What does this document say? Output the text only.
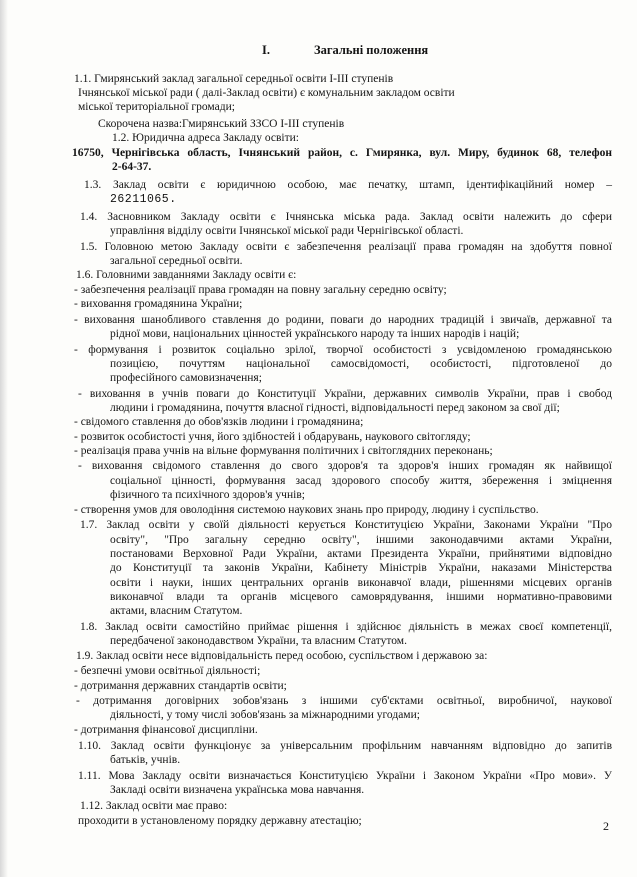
I.	Загальні положення
1.1. Гмирянський заклад загальної середньої освіти І-ІІІ ступенів
Ічнянської міської ради ( далі-Заклад освіти) є комунальним закладом освіти
міської територіальної громади;
Скорочена назва:Гмирянський ЗЗСО І-ІІІ ступенів
1.2. Юридична адреса Закладу освіти:
16750, Чернігівська область, Ічнянський район, с. Гмирянка, вул. Миру, будинок 68, телефон
2-64-37.
1.3. Заклад освіти є юридичною особою, має печатку, штамп, ідентифікаційний номер –
26211065.
1.4. Засновником Закладу освіти є Ічнянська міська рада. Заклад освіти належить до сфери
управління відділу освіти Ічнянської міської ради Чернігівської області.
1.5. Головною метою Закладу освіти є забезпечення реалізації права громадян на здобуття повної
загальної середньої освіти.
1.6. Головними завданнями Закладу освіти є:
- забезпечення реалізації права громадян на повну загальну середню освіту;
- виховання громадянина України;
- виховання шанобливого ставлення до родини, поваги до народних традицій і звичаїв, державної та
рідної мови, національних цінностей українського народу та інших народів і націй;
- формування і розвиток соціально зрілої, творчої особистості з усвідомленою громадянською
позицією, почуттям національної самосвідомості, особистості, підготовленої до
професійного самовизначення;
- виховання в учнів поваги до Конституції України, державних символів України, прав і свобод
людини і громадянина, почуття власної гідності, відповідальності перед законом за свої дії;
- свідомого ставлення до обов'язків людини і громадянина;
- розвиток особистості учня, його здібностей і обдарувань, наукового світогляду;
- реалізація права учнів на вільне формування політичних і світоглядних переконань;
- виховання свідомого ставлення до свого здоров'я та здоров'я інших громадян як найвищої
соціальної цінності, формування засад здорового способу життя, збереження і зміцнення
фізичного та психічного здоров'я учнів;
- створення умов для оволодіння системою наукових знань про природу, людину і суспільство.
1.7. Заклад освіти у своїй діяльності керується Конституцією України, Законами України "Про
освіту", "Про загальну середню освіту", іншими законодавчими актами України,
постановами Верховної Ради України, актами Президента України, прийнятими відповідно
до Конституції та законів України, Кабінету Міністрів України, наказами Міністерства
освіти і науки, інших центральних органів виконавчої влади, рішеннями місцевих органів
виконавчої влади та органів місцевого самоврядування, іншими нормативно-правовими
актами, власним Статутом.
1.8. Заклад освіти самостійно приймає рішення і здійснює діяльність в межах своєї компетенції,
передбаченої законодавством України, та власним Статутом.
1.9. Заклад освіти несе відповідальність перед особою, суспільством і державою за:
- безпечні умови освітньої діяльності;
- дотримання державних стандартів освіти;
- дотримання договірних зобов'язань з іншими суб'єктами освітньої, виробничої, наукової
діяльності, у тому числі зобов'язань за міжнародними угодами;
- дотримання фінансової дисципліни.
1.10. Заклад освіти функціонує за універсальним профільним навчанням відповідно до запитів
батьків, учнів.
1.11. Мова Закладу освіти визначається Конституцією України і Законом України «Про мови». У
Закладі освіти визначена українська мова навчання.
1.12. Заклад освіти має право:
проходити в установленому порядку державну атестацію;	2
